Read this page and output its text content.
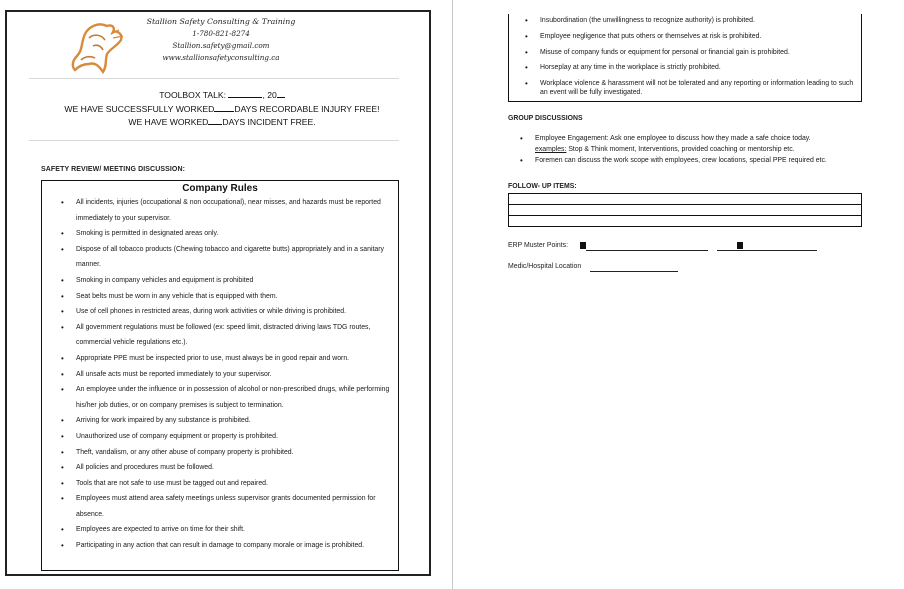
Stallion Safety Consulting & Training
1-780-821-8274
Stallion.safety@gmail.com
www.stallionsafetyconsulting.ca
TOOLBOX TALK:	, 20
WE HAVE SUCCESSFULLY WORKED DAYS RECORDABLE INJURY FREE!
WE HAVE WORKED DAYS INCIDENT FREE.
SAFETY REVIEW/ MEETING DISCUSSION:
Company Rules
• All incidents, injuries (occupational & non occupational), near misses, and hazards must be reported immediately to your supervisor.
• Smoking is permitted in designated areas only.
• Dispose of all tobacco products (Chewing tobacco and cigarette butts) appropriately and in a sanitary manner.
• Smoking in company vehicles and equipment is prohibited
• Seat belts must be worn in any vehicle that is equipped with them.
• Use of cell phones in restricted areas, during work activities or while driving is prohibited.
• All government regulations must be followed (ex: speed limit, distracted driving laws TDG routes, commercial vehicle regulations etc.).
• Appropriate PPE must be inspected prior to use, must always be in good repair and worn.
• All unsafe acts must be reported immediately to your supervisor.
• An employee under the influence or in possession of alcohol or non-prescribed drugs, while performing his/her job duties, or on company premises is subject to termination.
• Arriving for work impaired by any substance is prohibited.
• Unauthorized use of company equipment or property is prohibited.
• Theft, vandalism, or any other abuse of company property is prohibited.
• All policies and procedures must be followed.
• Tools that are not safe to use must be tagged out and repaired.
• Employees must attend area safety meetings unless supervisor grants documented permission for absence.
• Employees are expected to arrive on time for their shift.
• Participating in any action that can result in damage to company morale or image is prohibited.
• Insubordination (the unwillingness to recognize authority) is prohibited.
• Employee negligence that puts others or themselves at risk is prohibited.
• Misuse of company funds or equipment for personal or financial gain is prohibited.
• Horseplay at any time in the workplace is strictly prohibited.
• Workplace violence & harassment will not be tolerated and any reporting or information leading to such an event will be fully investigated.
GROUP DISCUSSIONS
• Employee Engagement: Ask one employee to discuss how they made a safe choice today.
examples: Stop & Think moment, Interventions, provided coaching or mentorship etc.
• Foremen can discuss the work scope with employees, crew locations, special PPE required etc.
FOLLOW- UP ITEMS:

ERP Muster Points:
Medic/Hospital Location
